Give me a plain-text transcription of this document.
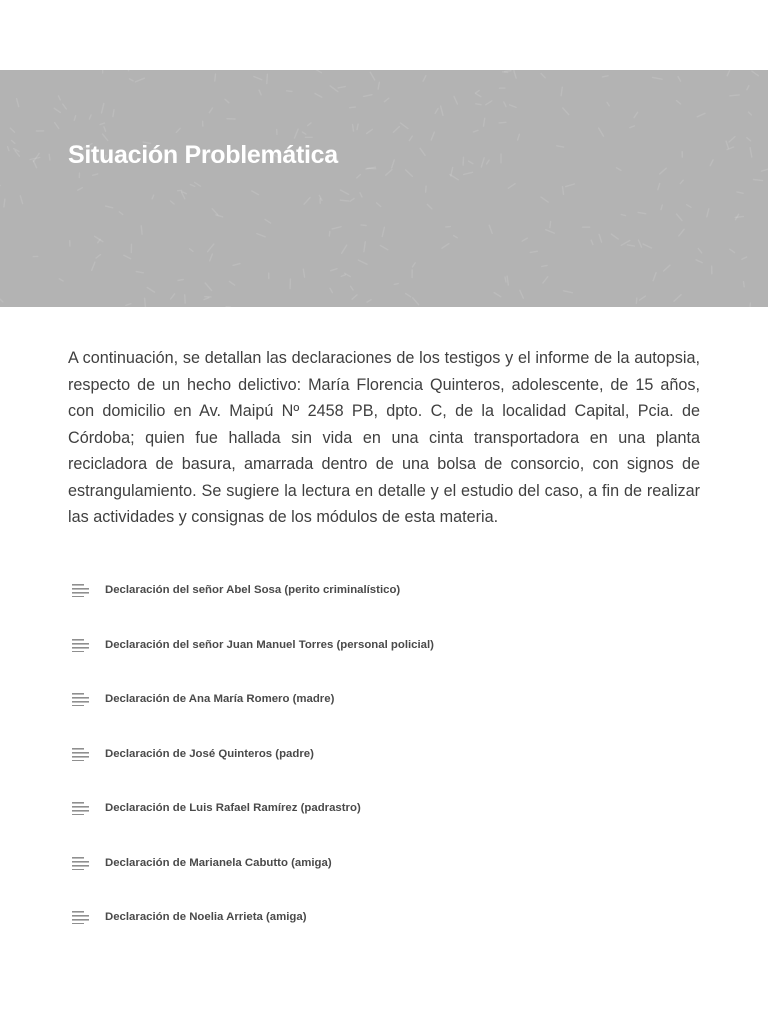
Situación Problemática

A continuación, se detallan las declaraciones de los testigos y el informe de la autopsia, respecto de un hecho delictivo: María Florencia Quinteros, adolescente, de 15 años, con domicilio en Av. Maipú Nº 2458 PB, dpto. C, de la localidad Capital, Pcia. de Córdoba; quien fue hallada sin vida en una cinta transportadora en una planta recicladora de basura, amarrada dentro de una bolsa de consorcio, con signos de estrangulamiento. Se sugiere la lectura en detalle y el estudio del caso, a fin de realizar las actividades y consignas de los módulos de esta materia.

Declaración del señor Abel Sosa (perito criminalístico)
Declaración del señor Juan Manuel Torres (personal policial)
Declaración de Ana María Romero (madre)
Declaración de José Quinteros (padre)
Declaración de Luis Rafael Ramírez (padrastro)
Declaración de Marianela Cabutto (amiga)
Declaración de Noelia Arrieta (amiga)
